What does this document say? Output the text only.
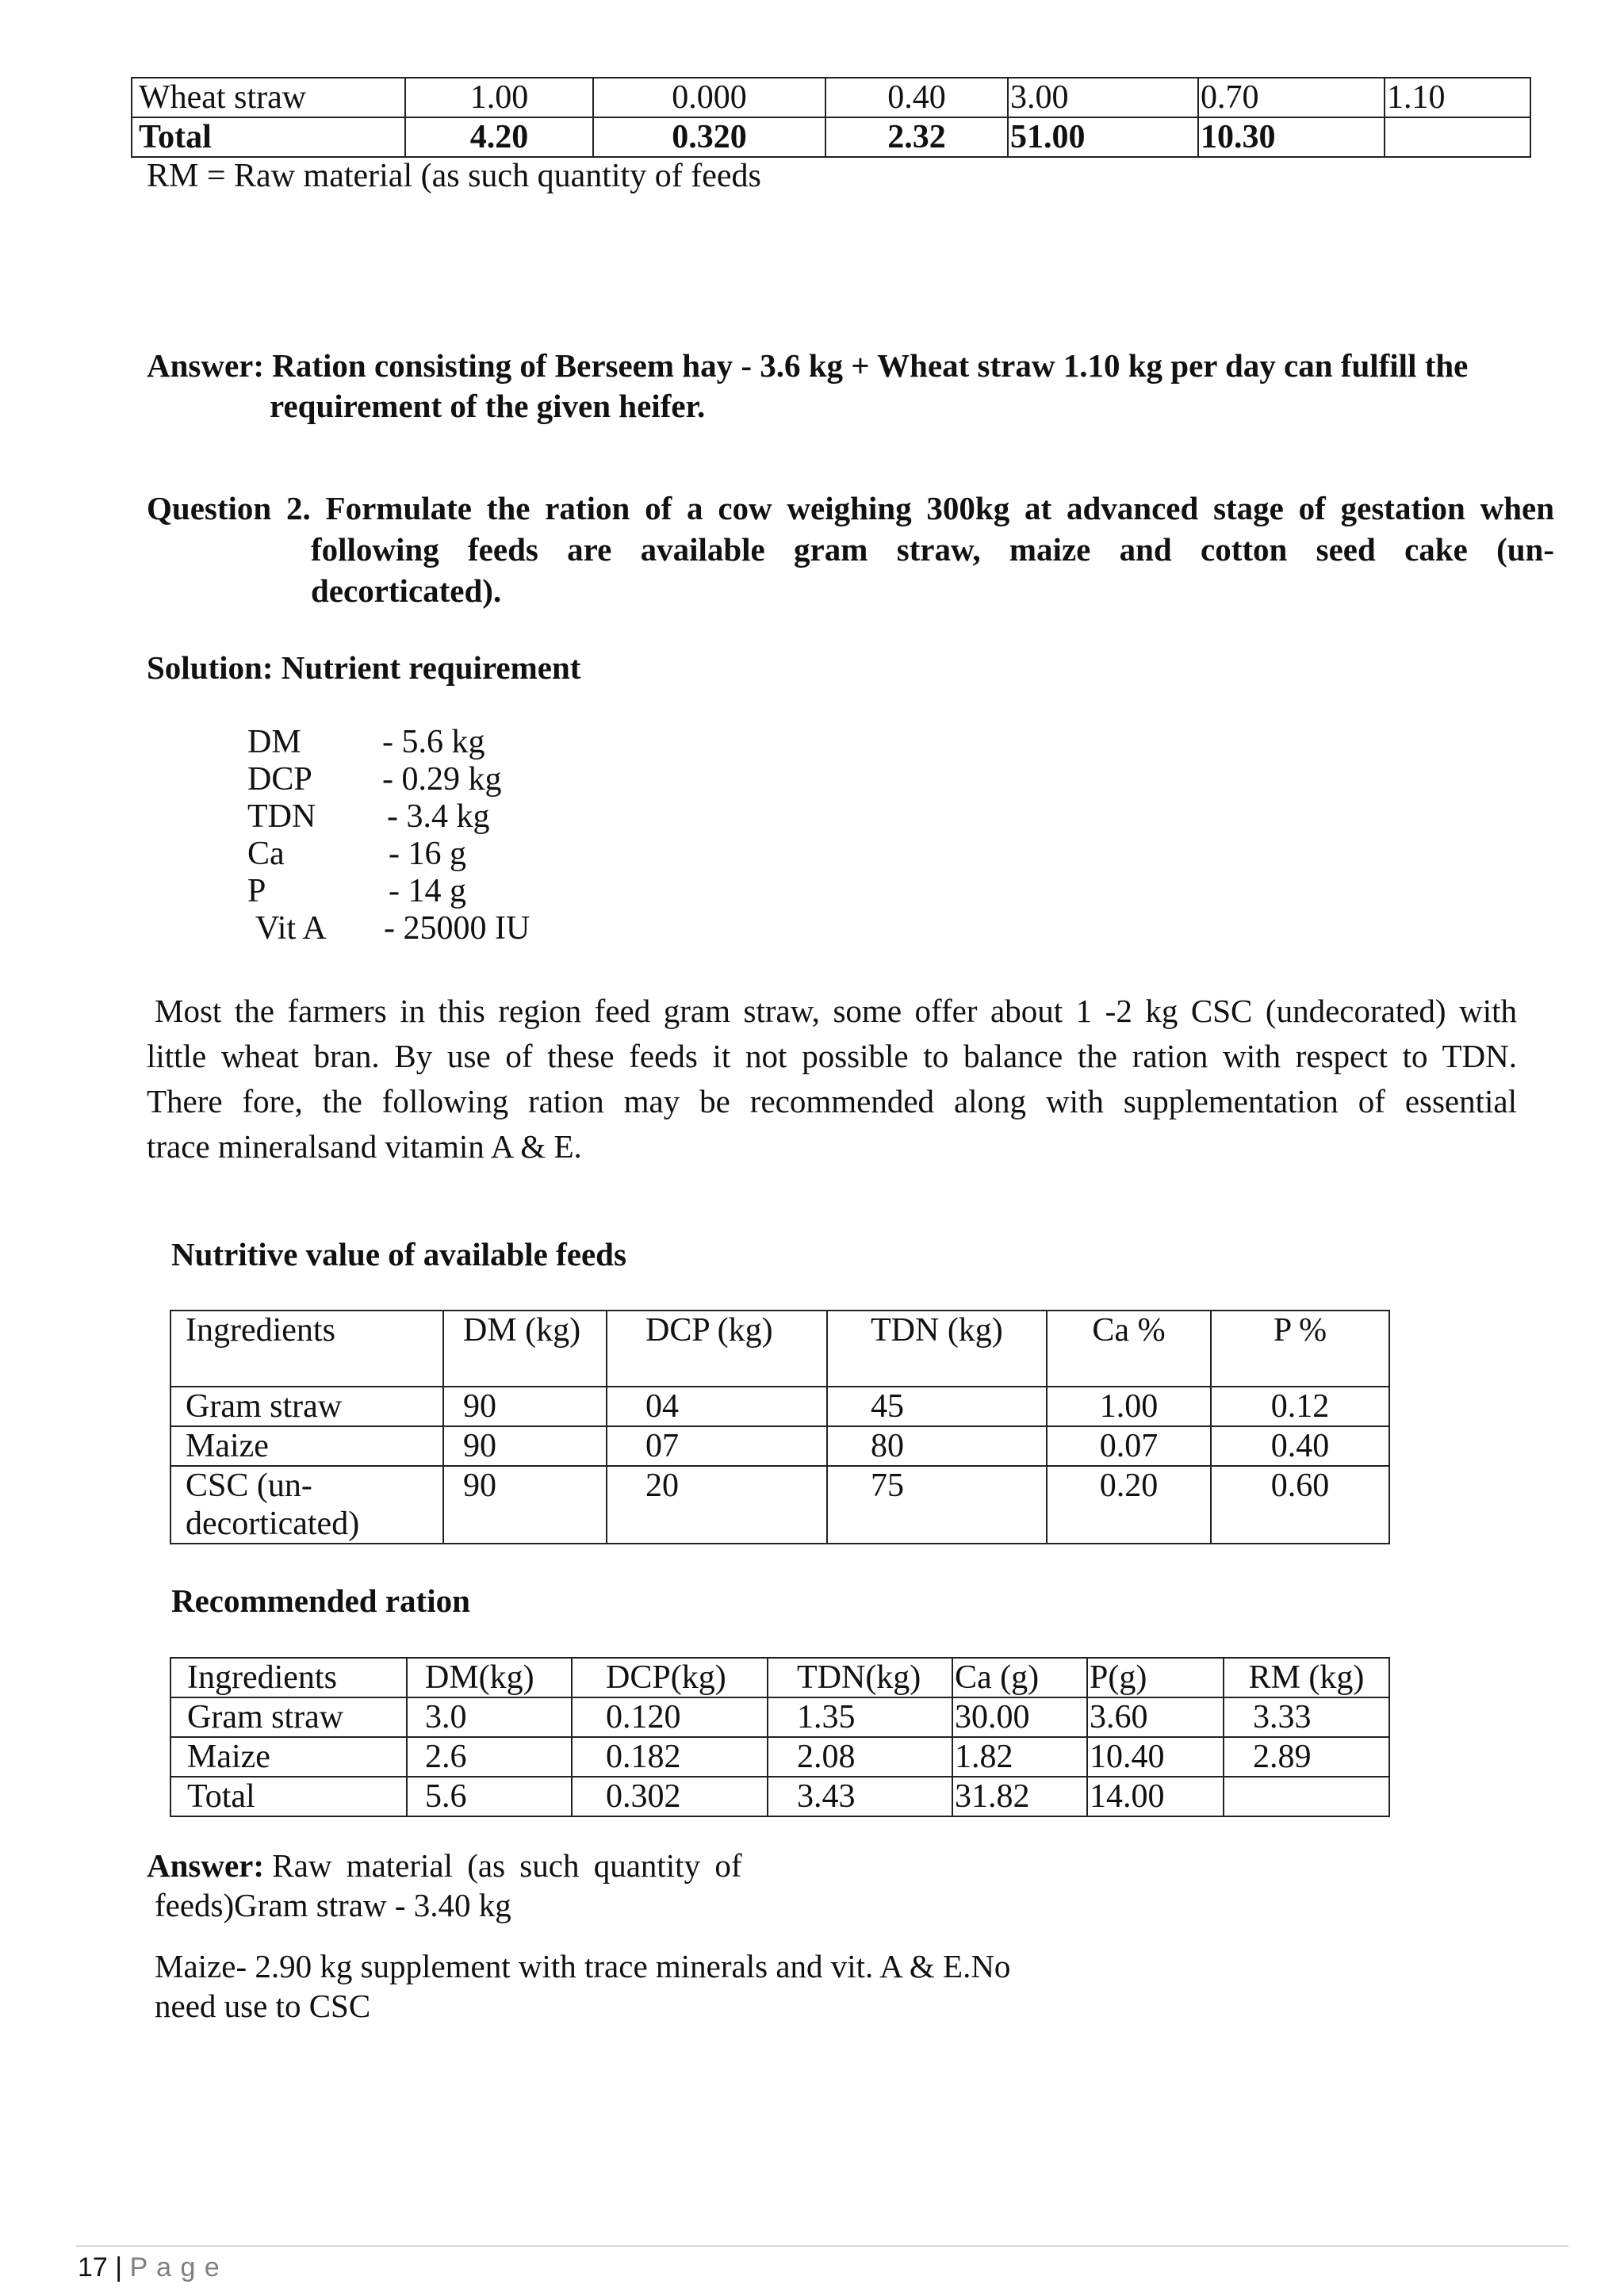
Wheat straw	1.00	0.000	0.40	3.00	0.70	1.10
Total	4.20	0.320	2.32	51.00	10.30	
RM = Raw material (as such quantity of feeds
Answer: Ration consisting of Berseem hay - 3.6 kg + Wheat straw 1.10 kg per day can fulfill the
requirement of the given heifer.
Question 2. Formulate the ration of a cow weighing 300kg at advanced stage of gestation when
following feeds are available gram straw, maize and cotton seed cake (un-
decorticated).
Solution: Nutrient requirement
DM	- 5.6 kg
DCP	- 0.29 kg
TDN	- 3.4 kg
Ca	- 16 g
P	- 14 g
Vit A	- 25000 IU
Most the farmers in this region feed gram straw, some offer about 1 -2 kg CSC (undecorated) with
little wheat bran. By use of these feeds it not possible to balance the ration with respect to TDN.
There fore, the following ration may be recommended along with supplementation of essential
trace mineralsand vitamin A & E.
Nutritive value of available feeds
Ingredients	DM (kg)	DCP (kg)	TDN (kg)	Ca %	P %
Gram straw	90	04	45	1.00	0.12
Maize	90	07	80	0.07	0.40
CSC (un- decorticated)	90	20	75	0.20	0.60
Recommended ration
Ingredients	DM(kg)	DCP(kg)	TDN(kg)	Ca (g)	P(g)	RM (kg)
Gram straw	3.0	0.120	1.35	30.00	3.60	3.33
Maize	2.6	0.182	2.08	1.82	10.40	2.89
Total	5.6	0.302	3.43	31.82	14.00	
Answer: Raw material (as such quantity of
feeds)Gram straw - 3.40 kg
Maize- 2.90 kg supplement with trace minerals and vit. A & E.No
need use to CSC
17 | P a g e
